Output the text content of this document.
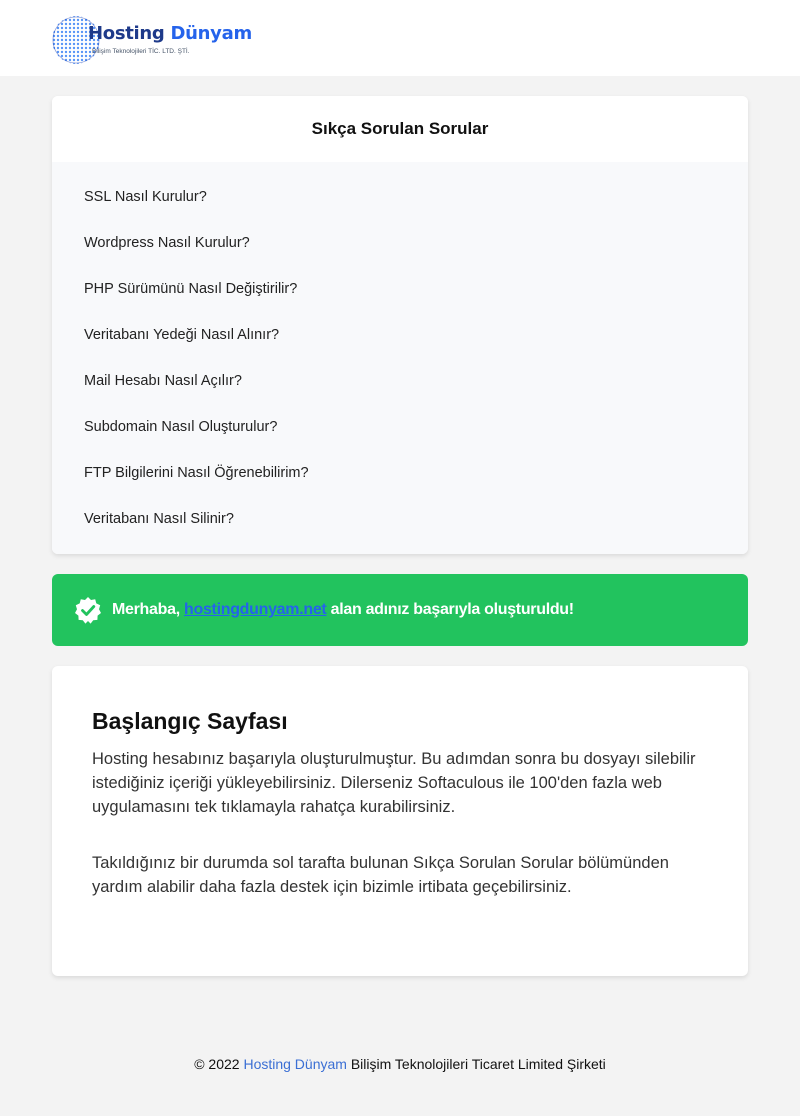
Hosting Dünyam
Bilişim Teknolojileri TİC. LTD. ŞTİ.
Sıkça Sorulan Sorular
SSL Nasıl Kurulur?
Wordpress Nasıl Kurulur?
PHP Sürümünü Nasıl Değiştirilir?
Veritabanı Yedeği Nasıl Alınır?
Mail Hesabı Nasıl Açılır?
Subdomain Nasıl Oluşturulur?
FTP Bilgilerini Nasıl Öğrenebilirim?
Veritabanı Nasıl Silinir?
Merhaba,
hostingdunyam.net
alan adınız başarıyla oluşturuldu!
Başlangıç Sayfası

Hosting hesabınız başarıyla oluşturulmuştur. Bu adımdan sonra bu dosyayı silebilir istediğiniz içeriği yükleyebilirsiniz. Dilerseniz Softaculous ile 100'den fazla web uygulamasını tek tıklamayla rahatça kurabilirsiniz.

Takıldığınız bir durumda sol tarafta bulunan Sıkça Sorulan Sorular bölümünden yardım alabilir daha fazla destek için bizimle irtibata geçebilirsiniz.

© 2022 Hosting Dünyam Bilişim Teknolojileri Ticaret Limited Şirketi
